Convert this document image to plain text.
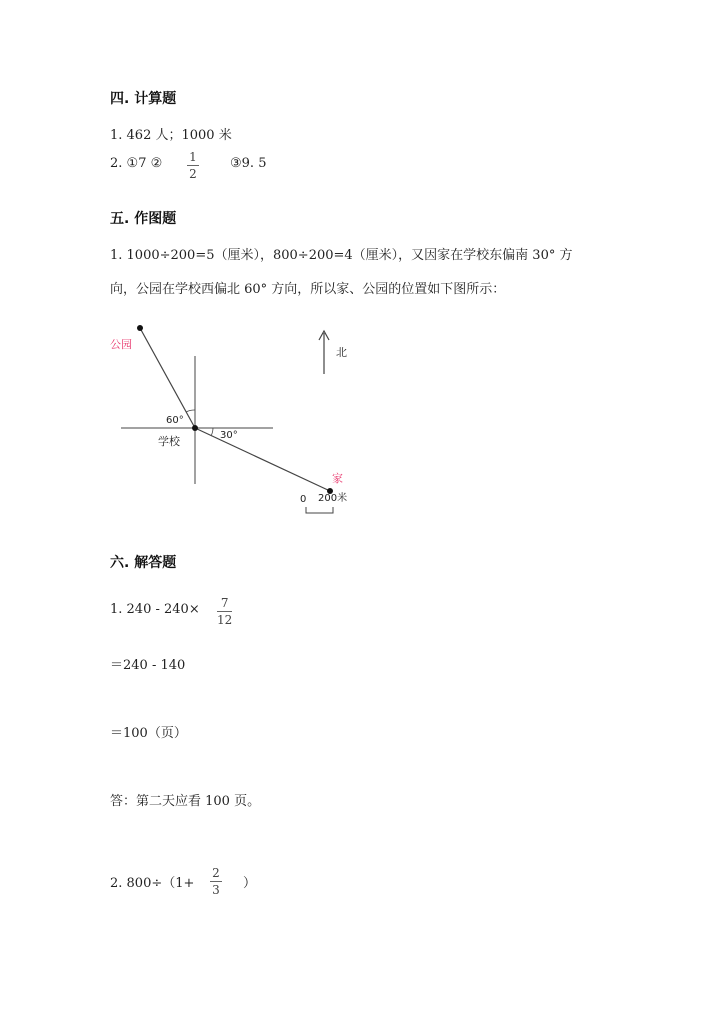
四. 计算题
1. 462 人；1000 米
2. ①7 ② 1
2
③9. 5
五. 作图题
1. 1000÷200=5（厘米），800÷200=4（厘米），又因家在学校东偏南 30° 方
向，公园在学校西偏北 60° 方向，所以家、公园的位置如下图所示：
公园
学校
家
60°
30°
北
0 200米
六. 解答题
1. 240 - 240× 7
12
＝240 - 140
＝100（页）
答：第二天应看 100 页。
2. 800÷（1+
2
3 ）
